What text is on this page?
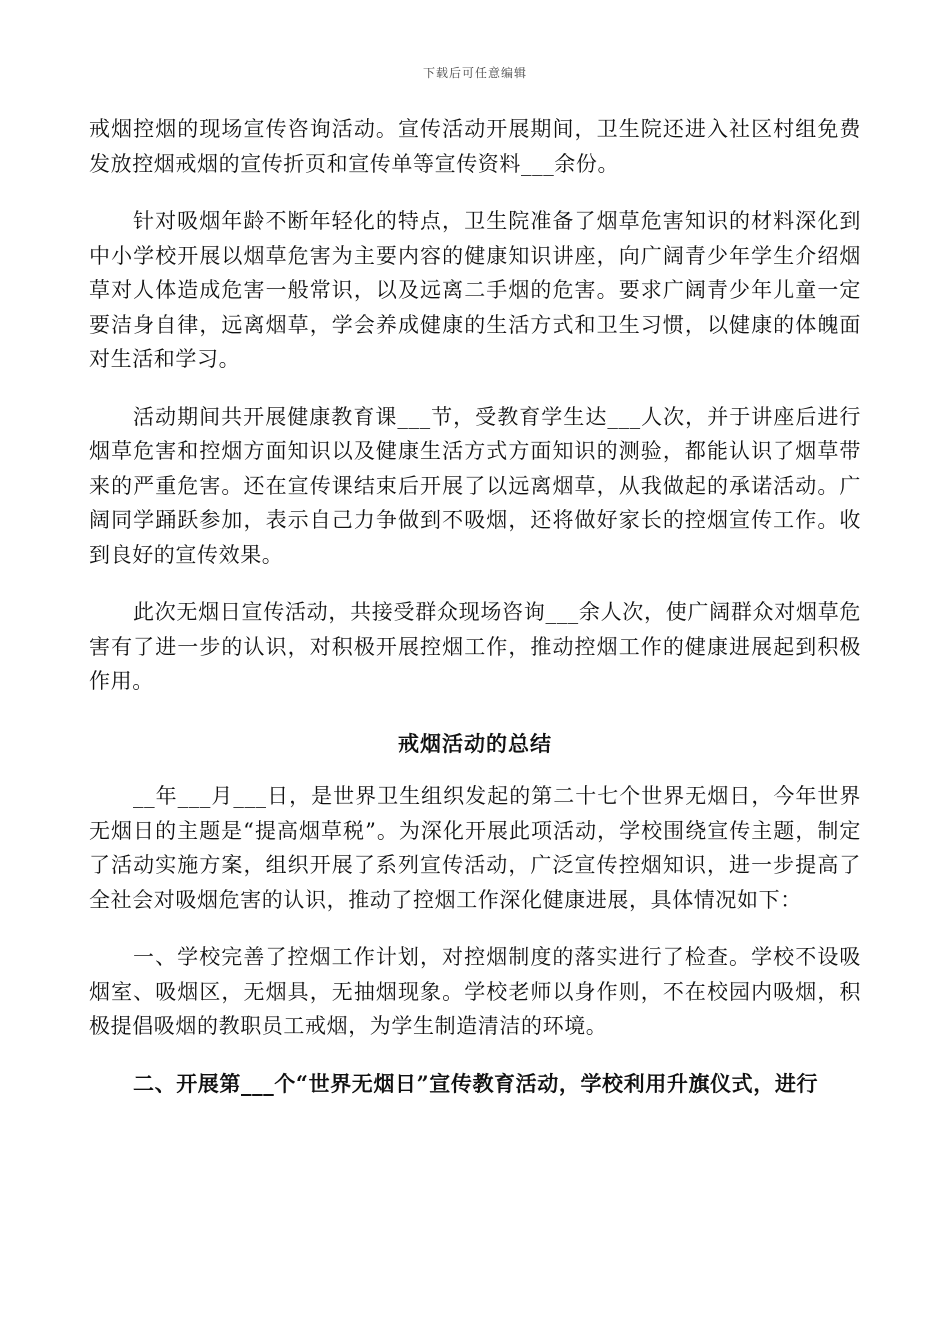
下载后可任意编辑

戒烟控烟的现场宣传咨询活动。宣传活动开展期间，卫生院还进入社区村组免费发放控烟戒烟的宣传折页和宣传单等宣传资料___余份。

针对吸烟年龄不断年轻化的特点，卫生院准备了烟草危害知识的材料深化到中小学校开展以烟草危害为主要内容的健康知识讲座，向广阔青少年学生介绍烟草对人体造成危害一般常识，以及远离二手烟的危害。要求广阔青少年儿童一定要洁身自律，远离烟草，学会养成健康的生活方式和卫生习惯，以健康的体魄面对生活和学习。

活动期间共开展健康教育课___节，受教育学生达___人次，并于讲座后进行烟草危害和控烟方面知识以及健康生活方式方面知识的测验，都能认识了烟草带来的严重危害。还在宣传课结束后开展了以远离烟草，从我做起的承诺活动。广阔同学踊跃参加，表示自己力争做到不吸烟，还将做好家长的控烟宣传工作。收到良好的宣传效果。

此次无烟日宣传活动，共接受群众现场咨询___余人次，使广阔群众对烟草危害有了进一步的认识，对积极开展控烟工作，推动控烟工作的健康进展起到积极作用。

戒烟活动的总结

__年___月___日，是世界卫生组织发起的第二十七个世界无烟日，今年世界无烟日的主题是“提高烟草税”。为深化开展此项活动，学校围绕宣传主题，制定了活动实施方案，组织开展了系列宣传活动，广泛宣传控烟知识，进一步提高了全社会对吸烟危害的认识，推动了控烟工作深化健康进展，具体情况如下：

一、学校完善了控烟工作计划，对控烟制度的落实进行了检查。学校不设吸烟室、吸烟区，无烟具，无抽烟现象。学校老师以身作则，不在校园内吸烟，积极提倡吸烟的教职员工戒烟，为学生制造清洁的环境。

二、开展第___个“世界无烟日”宣传教育活动，学校利用升旗仪式，进行
